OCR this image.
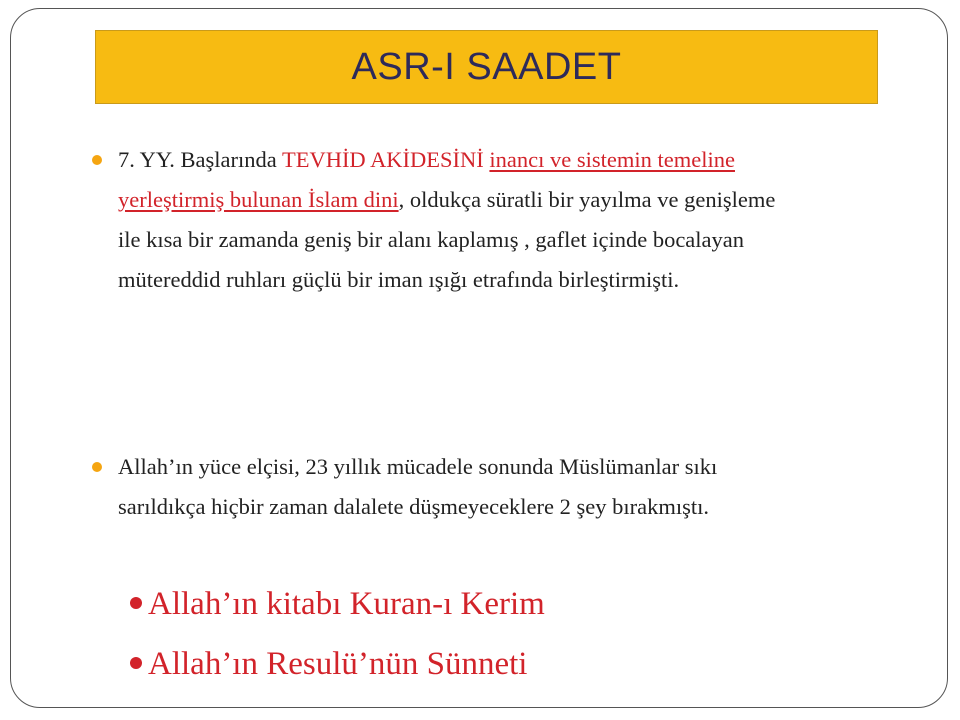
ASR-I SAADET
7. YY. Başlarında TEVHİD AKİDESİNİ inancı ve sistemin temeline yerleştirmiş bulunan İslam dini, oldukça süratli bir yayılma ve genişleme ile kısa bir zamanda geniş bir alanı kaplamış , gaflet içinde bocalayan mütereddid ruhları güçlü bir iman ışığı etrafında birleştirmişti.
Allah’ın yüce elçisi, 23 yıllık mücadele sonunda Müslümanlar sıkı sarıldıkça hiçbir zaman dalalete düşmeyeceklere 2 şey bırakmıştı.
Allah’ın kitabı Kuran-ı Kerim
Allah’ın Resulü’nün Sünneti
